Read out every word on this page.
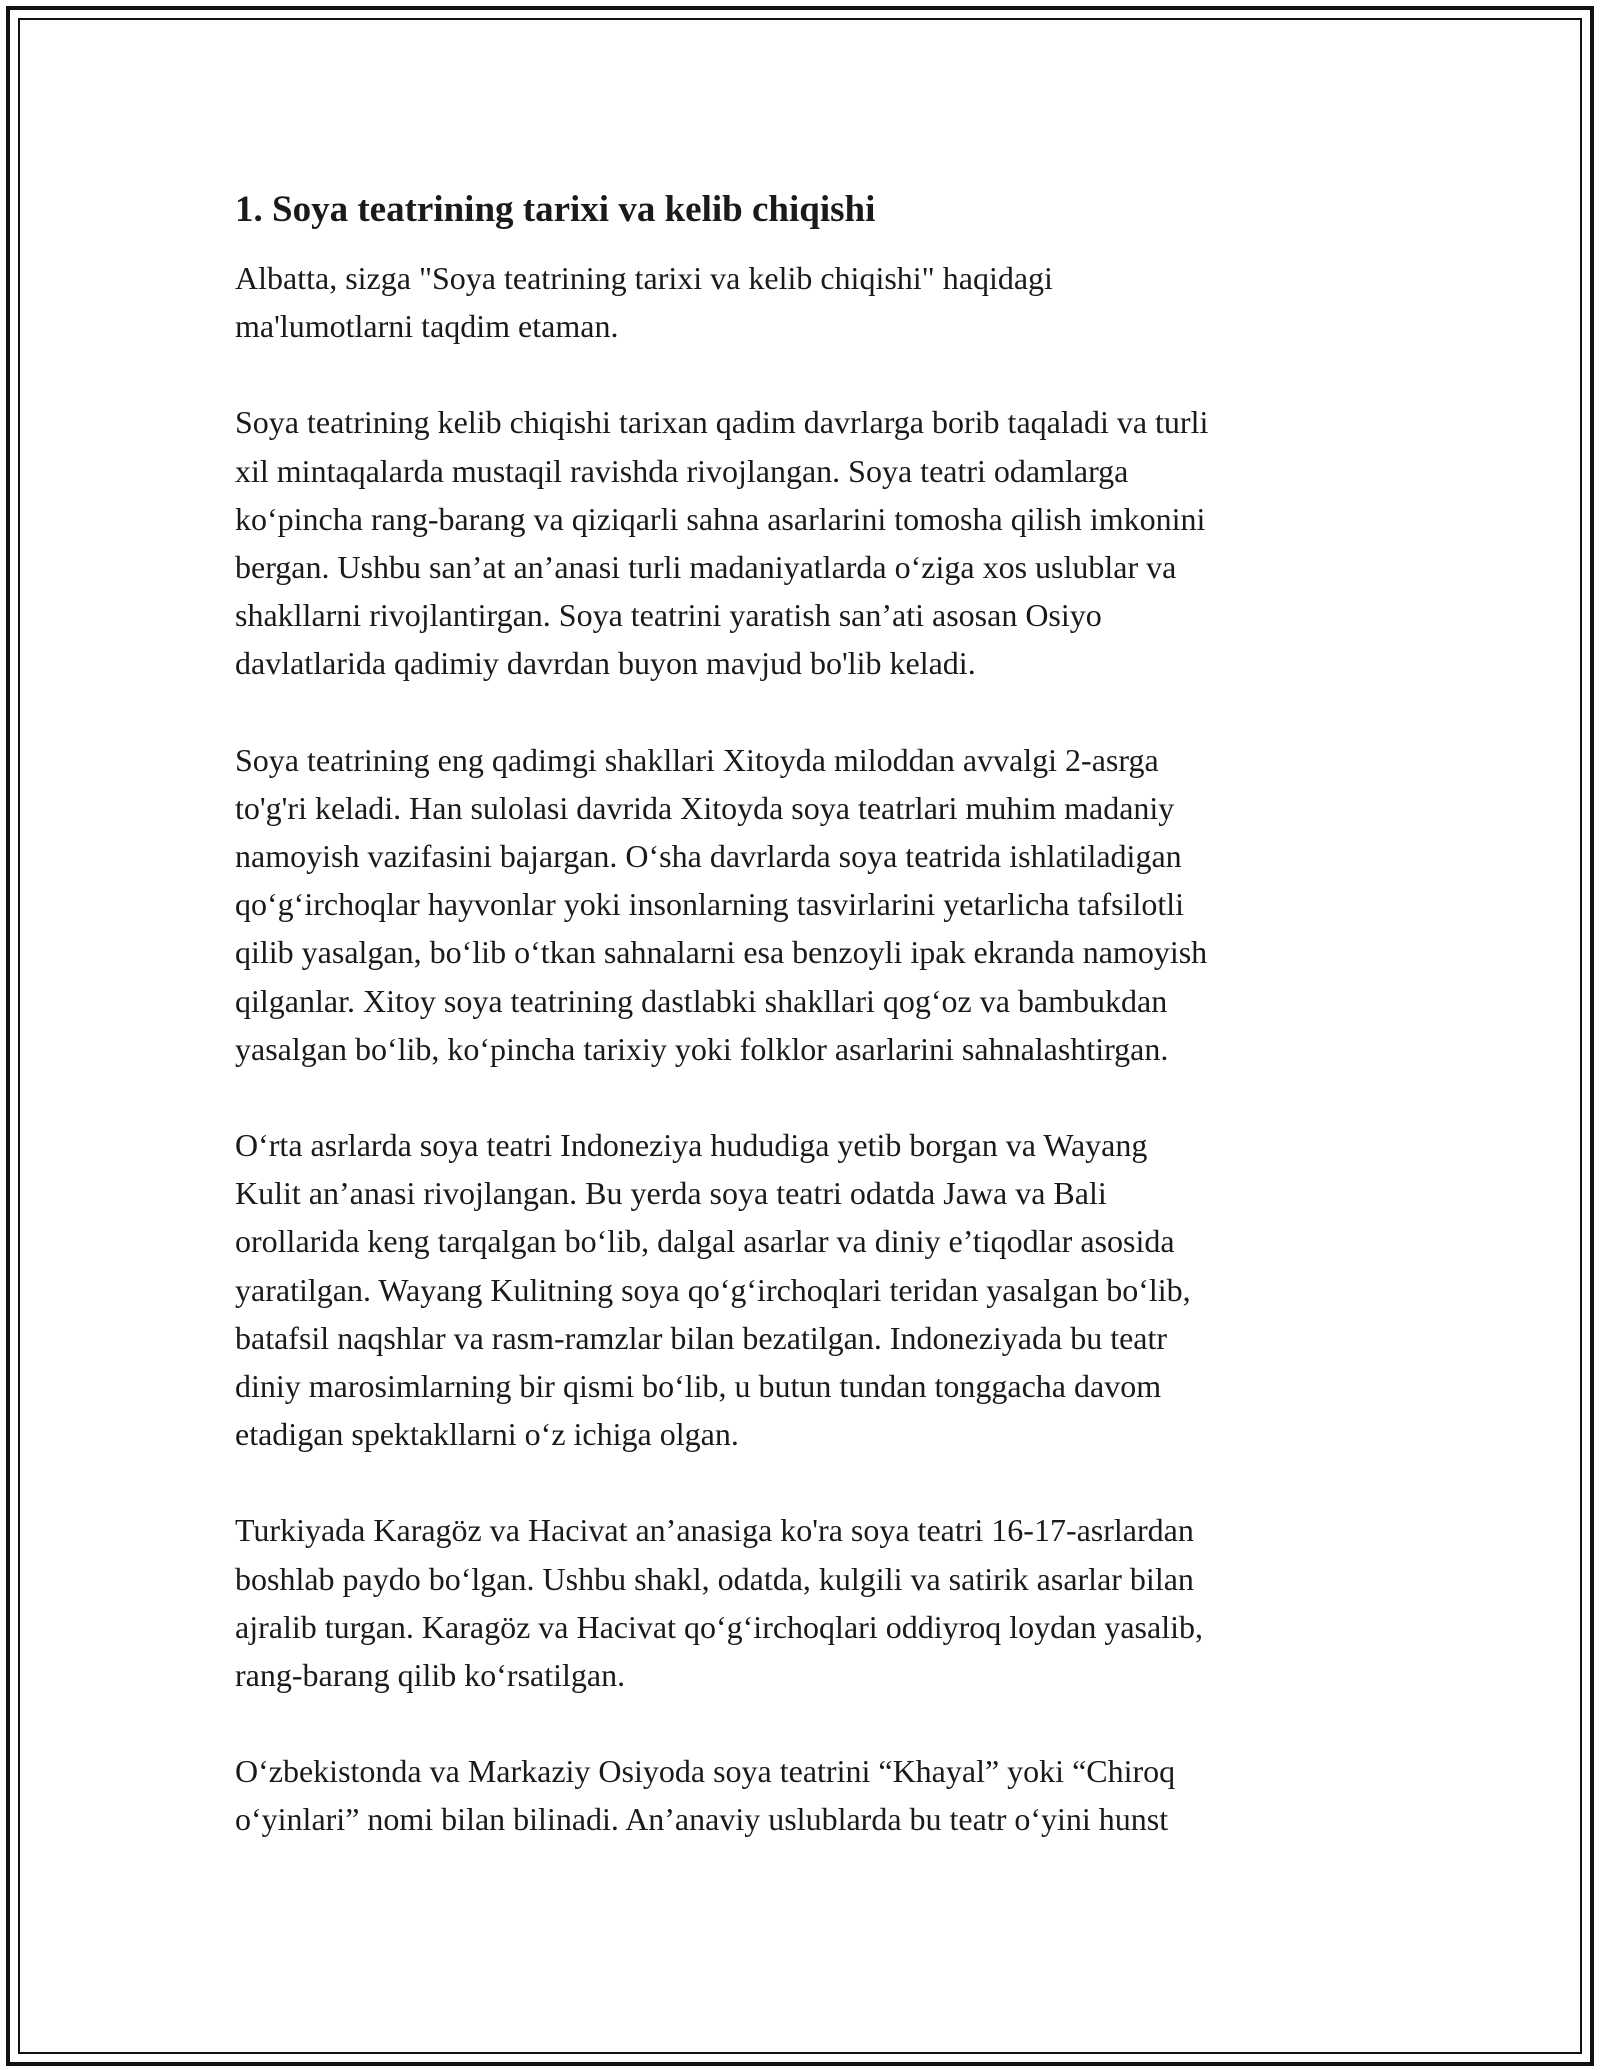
1. Soya teatrining tarixi va kelib chiqishi
Albatta, sizga "Soya teatrining tarixi va kelib chiqishi" haqidagi
ma'lumotlarni taqdim etaman.
Soya teatrining kelib chiqishi tarixan qadim davrlarga borib taqaladi va turli
xil mintaqalarda mustaqil ravishda rivojlangan. Soya teatri odamlarga
ko‘pincha rang-barang va qiziqarli sahna asarlarini tomosha qilish imkonini
bergan. Ushbu san’at an’anasi turli madaniyatlarda o‘ziga xos uslublar va
shakllarni rivojlantirgan. Soya teatrini yaratish san’ati asosan Osiyo
davlatlarida qadimiy davrdan buyon mavjud bo'lib keladi.
Soya teatrining eng qadimgi shakllari Xitoyda miloddan avvalgi 2-asrga
to'g'ri keladi. Han sulolasi davrida Xitoyda soya teatrlari muhim madaniy
namoyish vazifasini bajargan. O‘sha davrlarda soya teatrida ishlatiladigan
qo‘g‘irchoqlar hayvonlar yoki insonlarning tasvirlarini yetarlicha tafsilotli
qilib yasalgan, bo‘lib o‘tkan sahnalarni esa benzoyli ipak ekranda namoyish
qilganlar. Xitoy soya teatrining dastlabki shakllari qog‘oz va bambukdan
yasalgan bo‘lib, ko‘pincha tarixiy yoki folklor asarlarini sahnalashtirgan.
O‘rta asrlarda soya teatri Indoneziya hududiga yetib borgan va Wayang
Kulit an’anasi rivojlangan. Bu yerda soya teatri odatda Jawa va Bali
orollarida keng tarqalgan bo‘lib, dalgal asarlar va diniy e’tiqodlar asosida
yaratilgan. Wayang Kulitning soya qo‘g‘irchoqlari teridan yasalgan bo‘lib,
batafsil naqshlar va rasm-ramzlar bilan bezatilgan. Indoneziyada bu teatr
diniy marosimlarning bir qismi bo‘lib, u butun tundan tonggacha davom
etadigan spektakllarni o‘z ichiga olgan.
Turkiyada Karagöz va Hacivat an’anasiga ko'ra soya teatri 16-17-asrlardan
boshlab paydo bo‘lgan. Ushbu shakl, odatda, kulgili va satirik asarlar bilan
ajralib turgan. Karagöz va Hacivat qo‘g‘irchoqlari oddiyroq loydan yasalib,
rang-barang qilib ko‘rsatilgan.
O‘zbekistonda va Markaziy Osiyoda soya teatrini “Khayal” yoki “Chiroq
o‘yinlari” nomi bilan bilinadi. An’anaviy uslublarda bu teatr o‘yini hunst
